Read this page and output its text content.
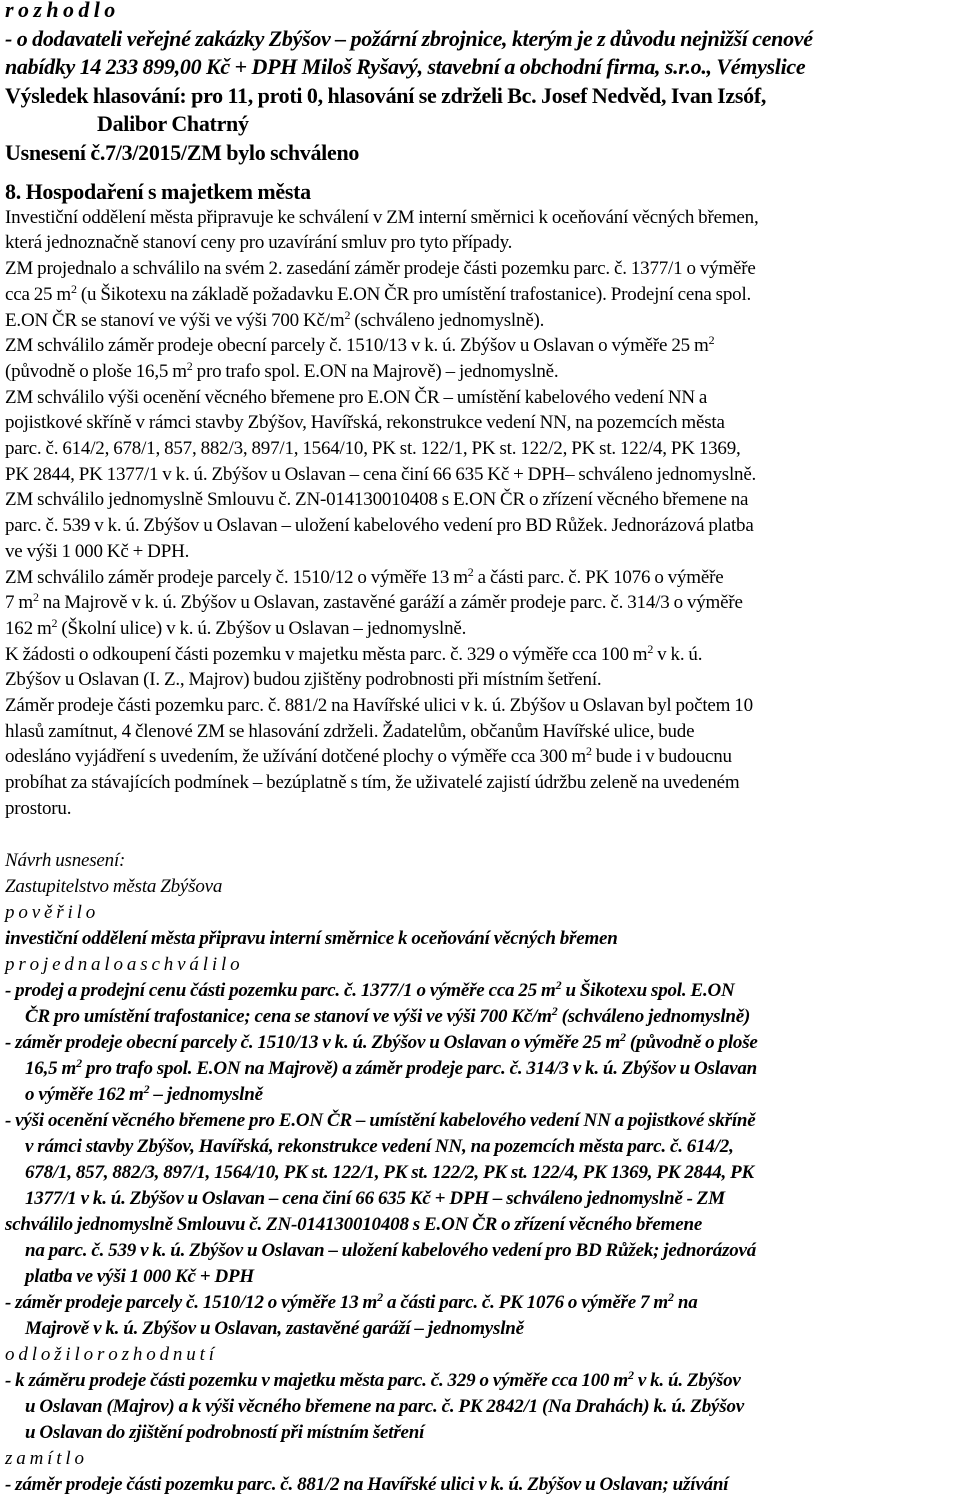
r o z h o d l o
- o dodavateli veřejné zakázky Zbýšov – požární zbrojnice, kterým je z důvodu nejnižší cenové
nabídky 14 233 899,00 Kč + DPH Miloš Ryšavý, stavební a obchodní firma, s.r.o., Vémyslice
Výsledek hlasování: pro 11, proti 0, hlasování se zdrželi Bc. Josef Nedvěd, Ivan Izsóf,
Dalibor Chatrný
Usnesení č.7/3/2015/ZM bylo schváleno
8. Hospodaření s majetkem města
Investiční oddělení města připravuje ke schválení v ZM interní směrnici k oceňování věcných břemen,
která jednoznačně stanoví ceny pro uzavírání smluv pro tyto případy.
ZM projednalo a schválilo na svém 2. zasedání záměr prodeje části pozemku parc. č. 1377/1 o výměře
cca 25 $m^2$ (u Šikotexu na základě požadavku E.ON ČR pro umístění trafostanice). Prodejní cena spol.
E.ON ČR se stanoví ve výši ve výši 700 $Kč/m^2$ (schváleno jednomyslně).
ZM schválilo záměr prodeje obecní parcely č. 1510/13 v k. ú. Zbýšov u Oslavan o výměře 25 $m^2$
(původně o ploše 16,5 $m^2$ pro trafo spol. E.ON na Majrově) – jednomyslně.
ZM schválilo výši ocenění věcného břemene pro E.ON ČR – umístění kabelového vedení NN a
pojistkové skříně v rámci stavby Zbýšov, Havířská, rekonstrukce vedení NN, na pozemcích města
parc. č. 614/2, 678/1, 857, 882/3, 897/1, 1564/10, PK st. 122/1, PK st. 122/2, PK st. 122/4, PK 1369,
PK 2844, PK 1377/1 v k. ú. Zbýšov u Oslavan – cena činí 66 635 Kč + DPH– schváleno jednomyslně.
ZM schválilo jednomyslně Smlouvu č. ZN-014130010408 s E.ON ČR o zřízení věcného břemene na
parc. č. 539 v k. ú. Zbýšov u Oslavan – uložení kabelového vedení pro BD Růžek. Jednorázová platba
ve výši 1 000 Kč + DPH.
ZM schválilo záměr prodeje parcely č. 1510/12 o výměře 13 $m^2$ a části parc. č. PK 1076 o výměře
7 $m^2$ na Majrově v k. ú. Zbýšov u Oslavan, zastavěné garáží a záměr prodeje parc. č. 314/3 o výměře
162 $m^2$ (Školní ulice) v k. ú. Zbýšov u Oslavan – jednomyslně.
K žádosti o odkoupení části pozemku v majetku města parc. č. 329 o výměře cca 100 $m^2$ v k. ú.
Zbýšov u Oslavan (I. Z., Majrov) budou zjištěny podrobnosti při místním šetření.
Záměr prodeje části pozemku parc. č. 881/2 na Havířské ulici v k. ú. Zbýšov u Oslavan byl počtem 10
hlasů zamítnut, 4 členové ZM se hlasování zdrželi. Žadatelům, občanům Havířské ulice, bude
odesláno vyjádření s uvedením, že užívání dotčené plochy o výměře cca 300 $m^2$ bude i v budoucnu
probíhat za stávajících podmínek – bezúplatně s tím, že uživatelé zajistí údržbu zeleně na uvedeném
prostoru.
Návrh usnesení:
Zastupitelstvo města Zbýšova
p o v ě ř i l o
investiční oddělení města připravu interní směrnice k oceňování věcných břemen
p r o j e d n a l o a s c h v á l i l o
- prodej a prodejní cenu části pozemku parc. č. 1377/1 o výměře cca 25 $m^2$ u Šikotexu spol. E.ON
ČR pro umístění trafostanice; cena se stanoví ve výši ve výši 700 $Kč/m^2$ (schváleno jednomyslně)
- záměr prodeje obecní parcely č. 1510/13 v k. ú. Zbýšov u Oslavan o výměře 25 $m^2$ (původně o ploše
16,5 $m^2$ pro trafo spol. E.ON na Majrově) a záměr prodeje parc. č. 314/3 v k. ú. Zbýšov u Oslavan
o výměře 162 $m^2$ – jednomyslně
- výši ocenění věcného břemene pro E.ON ČR – umístění kabelového vedení NN a pojistkové skříně
v rámci stavby Zbýšov, Havířská, rekonstrukce vedení NN, na pozemcích města parc. č. 614/2,
678/1, 857, 882/3, 897/1, 1564/10, PK st. 122/1, PK st. 122/2, PK st. 122/4, PK 1369, PK 2844, PK
1377/1 v k. ú. Zbýšov u Oslavan – cena činí 66 635 Kč + DPH – schváleno jednomyslně - ZM
schválilo jednomyslně Smlouvu č. ZN-014130010408 s E.ON ČR o zřízení věcného břemene
na parc. č. 539 v k. ú. Zbýšov u Oslavan – uložení kabelového vedení pro BD Růžek; jednorázová
platba ve výši 1 000 Kč + DPH
- záměr prodeje parcely č. 1510/12 o výměře 13 $m^2$ a části parc. č. PK 1076 o výměře 7 $m^2$ na
Majrově v k. ú. Zbýšov u Oslavan, zastavěné garáží – jednomyslně
o d l o ž i l o r o z h o d n u t í
- k záměru prodeje části pozemku v majetku města parc. č. 329 o výměře cca 100 $m^2$ v k. ú. Zbýšov
u Oslavan (Majrov) a k výši věcného břemene na parc. č. PK 2842/1 (Na Drahách) k. ú. Zbýšov
u Oslavan do zjištění podrobností při místním šetření
z a m í t l o
- záměr prodeje části pozemku parc. č. 881/2 na Havířské ulici v k. ú. Zbýšov u Oslavan; užívání
